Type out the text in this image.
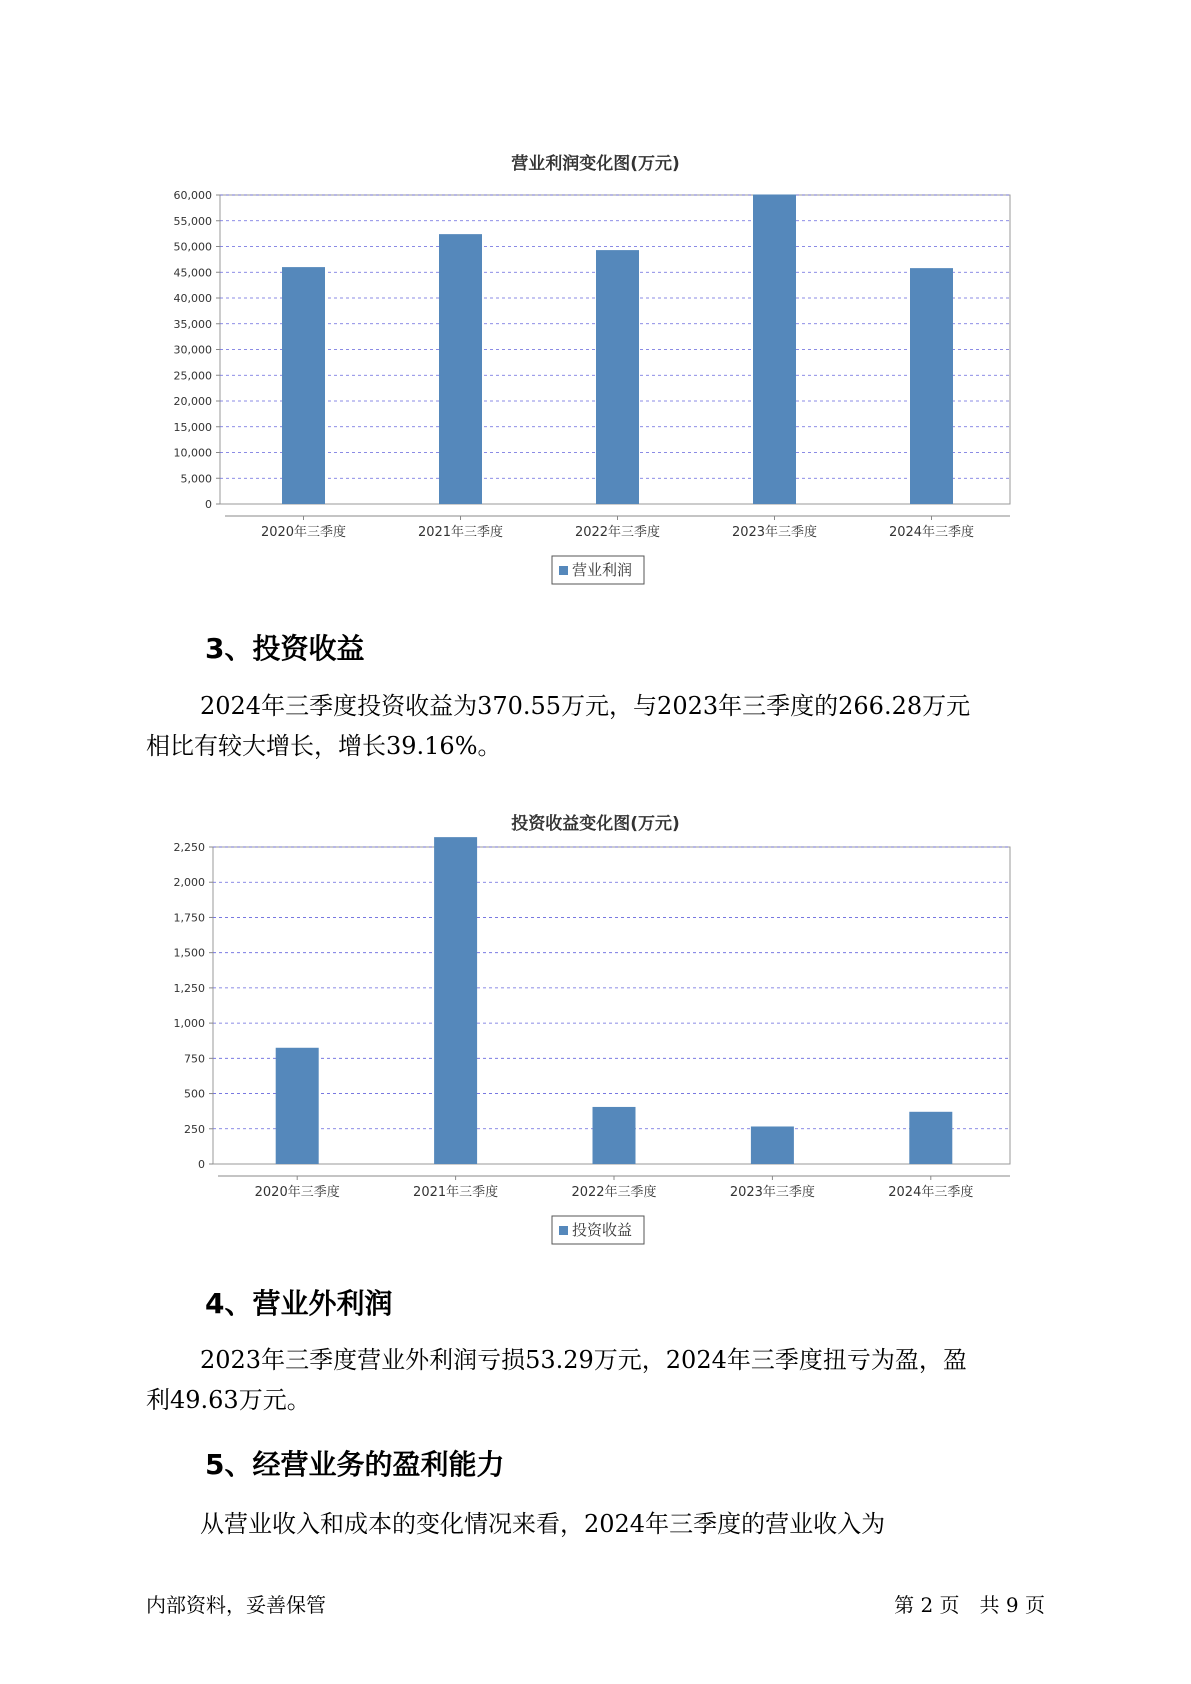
营业利润变化图(万元)
0
5,000
10,000
15,000
20,000
25,000
30,000
35,000
40,000
45,000
50,000
55,000
60,000
2020年三季度	2021年三季度	2022年三季度	2023年三季度	2024年三季度
营业利润
3、投资收益

2024年三季度投资收益为370.55万元，与2023年三季度的266.28万元

相比有较大增长，增长39.16%。

投资收益变化图(万元)
0
250
500
750
1,000
1,250
1,500
1,750
2,000
2,250
2020年三季度	2021年三季度	2022年三季度	2023年三季度	2024年三季度
投资收益
4、营业外利润

2023年三季度营业外利润亏损53.29万元，2024年三季度扭亏为盈，盈

利49.63万元。

5、经营业务的盈利能力

从营业收入和成本的变化情况来看，2024年三季度的营业收入为

内部资料，妥善保管	第 2 页　共 9 页
